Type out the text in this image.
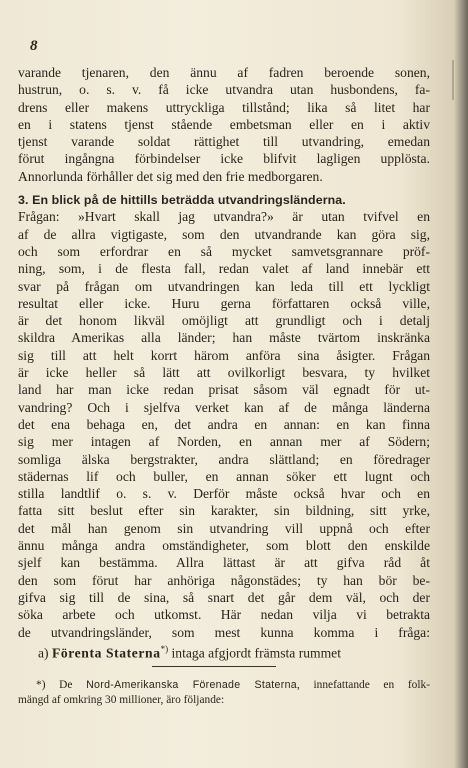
8
varande tjenaren, den ännu af fadren beroende sonen,
hustrun, o. s. v. få icke utvandra utan husbondens, fa-
drens eller makens uttryckliga tillstånd; lika så litet har
en i statens tjenst stående embetsman eller en i aktiv
tjenst varande soldat rättighet till utvandring, emedan
förut ingångna förbindelser icke blifvit lagligen upplösta.
Annorlunda förhåller det sig med den frie medborgaren.
3. En blick på de hittills beträdda utvandringsländerna.
Frågan: »Hvart skall jag utvandra?» är utan tvifvel en
af de allra vigtigaste, som den utvandrande kan göra sig,
och som erfordrar en så mycket samvetsgrannare pröf-
ning, som, i de flesta fall, redan valet af land innebär ett
svar på frågan om utvandringen kan leda till ett lyckligt
resultat eller icke. Huru gerna författaren också ville,
är det honom likväl omöjligt att grundligt och i detalj
skildra Amerikas alla länder; han måste tvärtom inskränka
sig till att helt korrt härom anföra sina åsigter. Frågan
är icke heller så lätt att ovilkorligt besvara, ty hvilket
land har man icke redan prisat såsom väl egnadt för ut-
vandring? Och i sjelfva verket kan af de många länderna
det ena behaga en, det andra en annan: en kan finna
sig mer intagen af Norden, en annan mer af Södern;
somliga älska bergstrakter, andra slättland; en föredrager
städernas lif och buller, en annan söker ett lugnt och
stilla landtlif o. s. v. Derför måste också hvar och en
fatta sitt beslut efter sin karakter, sin bildning, sitt yrke,
det mål han genom sin utvandring vill uppnå och efter
ännu många andra omständigheter, som blott den enskilde
sjelf kan bestämma. Allra lättast är att gifva råd åt
den som förut har anhöriga någonstädes; ty han bör be-
gifva sig till de sina, så snart det går dem väl, och der
söka arbete och utkomst. Här nedan vilja vi betrakta
de utvandringsländer, som mest kunna komma i fråga:
a) Förenta Staterna*) intaga afgjordt främsta rummet
*) De Nord-Amerikanska Förenade Staterna, innefattande en folk-
mängd af omkring 30 millioner, äro följande:
